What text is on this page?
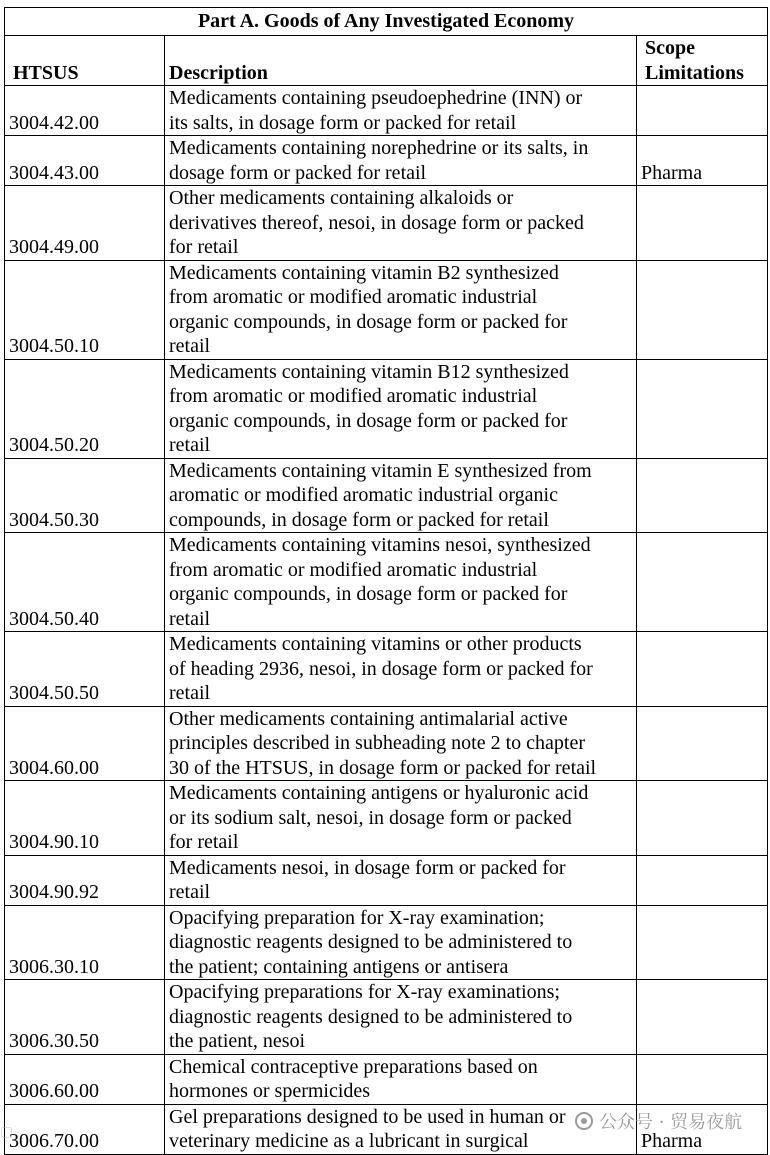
Part A. Goods of Any Investigated Economy		
HTSUS	Description	Scope
Limitations

3004.42.00	Medicaments containing pseudoephedrine (INN) or
its salts, in dosage form or packed for retail	

3004.43.00	Medicaments containing norephedrine or its salts, in
dosage form or packed for retail	Pharma
3004.49.00	Other medicaments containing alkaloids or
derivatives thereof, nesoi, in dosage form or packed
for retail	

3004.50.10	Medicaments containing vitamin B2 synthesized
from aromatic or modified aromatic industrial
organic compounds, in dosage form or packed for
retail	

3004.50.20	Medicaments containing vitamin B12 synthesized
from aromatic or modified aromatic industrial
organic compounds, in dosage form or packed for
retail	

3004.50.30	Medicaments containing vitamin E synthesized from
aromatic or modified aromatic industrial organic
compounds, in dosage form or packed for retail	

3004.50.40	Medicaments containing vitamins nesoi, synthesized
from aromatic or modified aromatic industrial
organic compounds, in dosage form or packed for
retail	

3004.50.50	Medicaments containing vitamins or other products
of heading 2936, nesoi, in dosage form or packed for
retail	

3004.60.00	Other medicaments containing antimalarial active
principles described in subheading note 2 to chapter
30 of the HTSUS, in dosage form or packed for retail	

3004.90.10	Medicaments containing antigens or hyaluronic acid
or its sodium salt, nesoi, in dosage form or packed
for retail	

3004.90.92	Medicaments nesoi, in dosage form or packed for
retail	

3006.30.10	Opacifying preparation for X-ray examination;
diagnostic reagents designed to be administered to
the patient; containing antigens or antisera	

3006.30.50	Opacifying preparations for X-ray examinations;
diagnostic reagents designed to be administered to
the patient, nesoi	

3006.60.00	Chemical contraceptive preparations based on
hormones or spermicides	

3006.70.00	Gel preparations designed to be used in human or
veterinary medicine as a lubricant in surgical	Pharma
▢	公众号 · 贸易夜航
